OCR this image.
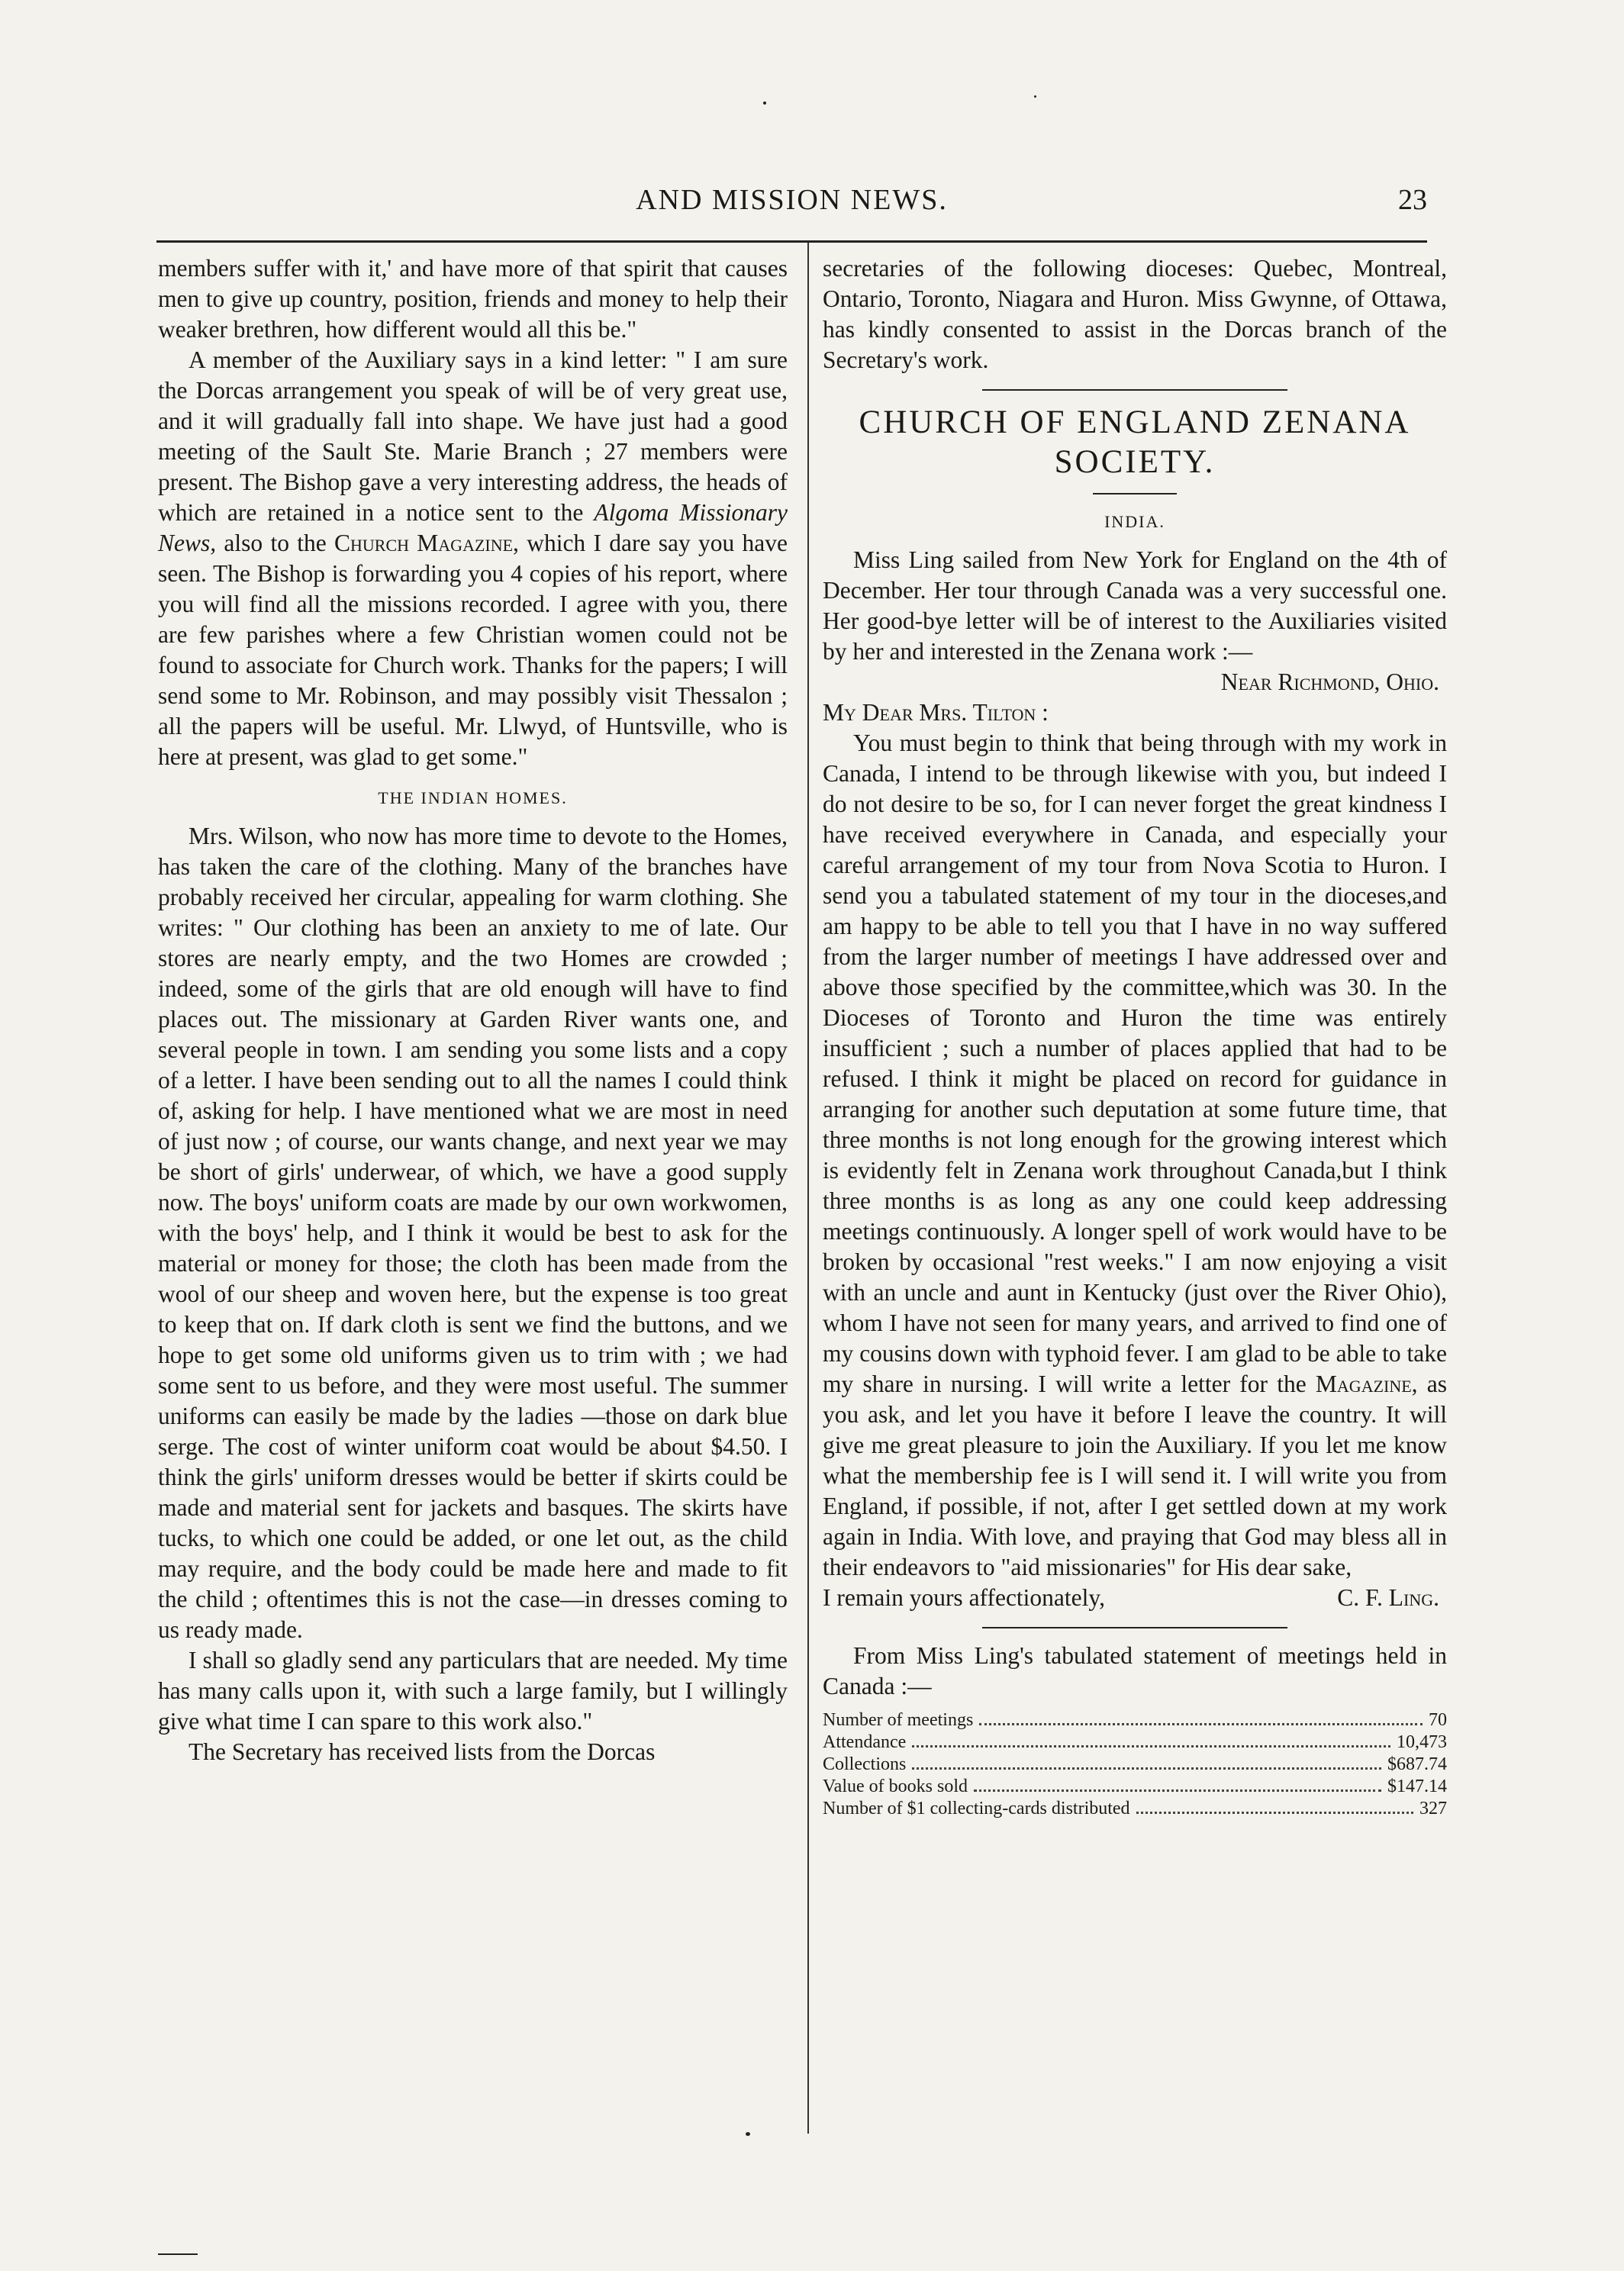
AND MISSION NEWS.	23

members suffer with it,' and have more of that spirit that causes men to give up country, position, friends and money to help their weaker brethren, how different would all this be."

A member of the Auxiliary says in a kind letter: " I am sure the Dorcas arrangement you speak of will be of very great use, and it will gradually fall into shape. We have just had a good meeting of the Sault Ste. Marie Branch ; 27 members were present. The Bishop gave a very interesting address, the heads of which are retained in a notice sent to the Algoma Missionary News, also to the Church Magazine, which I dare say you have seen. The Bishop is forwarding you 4 copies of his report, where you will find all the missions recorded. I agree with you, there are few parishes where a few Christian women could not be found to associate for Church work. Thanks for the papers; I will send some to Mr. Robinson, and may possibly visit Thessalon ; all the papers will be useful. Mr. Llwyd, of Huntsville, who is here at present, was glad to get some."

THE INDIAN HOMES.

Mrs. Wilson, who now has more time to devote to the Homes, has taken the care of the clothing. Many of the branches have probably received her circular, appealing for warm clothing. She writes: " Our clothing has been an anxiety to me of late. Our stores are nearly empty, and the two Homes are crowded ; indeed, some of the girls that are old enough will have to find places out. The missionary at Garden River wants one, and several people in town. I am sending you some lists and a copy of a letter. I have been sending out to all the names I could think of, asking for help. I have mentioned what we are most in need of just now ; of course, our wants change, and next year we may be short of girls' underwear, of which, we have a good supply now. The boys' uniform coats are made by our own workwomen, with the boys' help, and I think it would be best to ask for the material or money for those; the cloth has been made from the wool of our sheep and woven here, but the expense is too great to keep that on. If dark cloth is sent we find the buttons, and we hope to get some old uniforms given us to trim with ; we had some sent to us before, and they were most useful. The summer uniforms can easily be made by the ladies —those on dark blue serge. The cost of winter uniform coat would be about $4.50. I think the girls' uniform dresses would be better if skirts could be made and material sent for jackets and basques. The skirts have tucks, to which one could be added, or one let out, as the child may require, and the body could be made here and made to fit the child ; oftentimes this is not the case—in dresses coming to us ready made.

I shall so gladly send any particulars that are needed. My time has many calls upon it, with such a large family, but I willingly give what time I can spare to this work also."

The Secretary has received lists from the Dorcas

secretaries of the following dioceses: Quebec, Montreal, Ontario, Toronto, Niagara and Huron. Miss Gwynne, of Ottawa, has kindly consented to assist in the Dorcas branch of the Secretary's work.

CHURCH OF ENGLAND ZENANA SOCIETY.
INDIA.

Miss Ling sailed from New York for England on the 4th of December. Her tour through Canada was a very successful one. Her good-bye letter will be of interest to the Auxiliaries visited by her and interested in the Zenana work :—

Near Richmond, Ohio.

My Dear Mrs. Tilton :

You must begin to think that being through with my work in Canada, I intend to be through likewise with you, but indeed I do not desire to be so, for I can never forget the great kindness I have received everywhere in Canada, and especially your careful arrangement of my tour from Nova Scotia to Huron. I send you a tabulated statement of my tour in the dioceses,and am happy to be able to tell you that I have in no way suffered from the larger number of meetings I have addressed over and above those specified by the committee,which was 30. In the Dioceses of Toronto and Huron the time was entirely insufficient ; such a number of places applied that had to be refused. I think it might be placed on record for guidance in arranging for another such deputation at some future time, that three months is not long enough for the growing interest which is evidently felt in Zenana work throughout Canada,but I think three months is as long as any one could keep addressing meetings continuously. A longer spell of work would have to be broken by occasional "rest weeks." I am now enjoying a visit with an uncle and aunt in Kentucky (just over the River Ohio), whom I have not seen for many years, and arrived to find one of my cousins down with typhoid fever. I am glad to be able to take my share in nursing. I will write a letter for the Magazine, as you ask, and let you have it before I leave the country. It will give me great pleasure to join the Auxiliary. If you let me know what the membership fee is I will send it. I will write you from England, if possible, if not, after I get settled down at my work again in India. With love, and praying that God may bless all in their endeavors to "aid missionaries" for His dear sake,

I remain yours affectionately,	C. F. Ling.

From Miss Ling's tabulated statement of meetings held in Canada :—

Number of meetings	70
Attendance	10,473
Collections	$687.74
Value of books sold	$147.14
Number of $1 collecting-cards distributed	327
